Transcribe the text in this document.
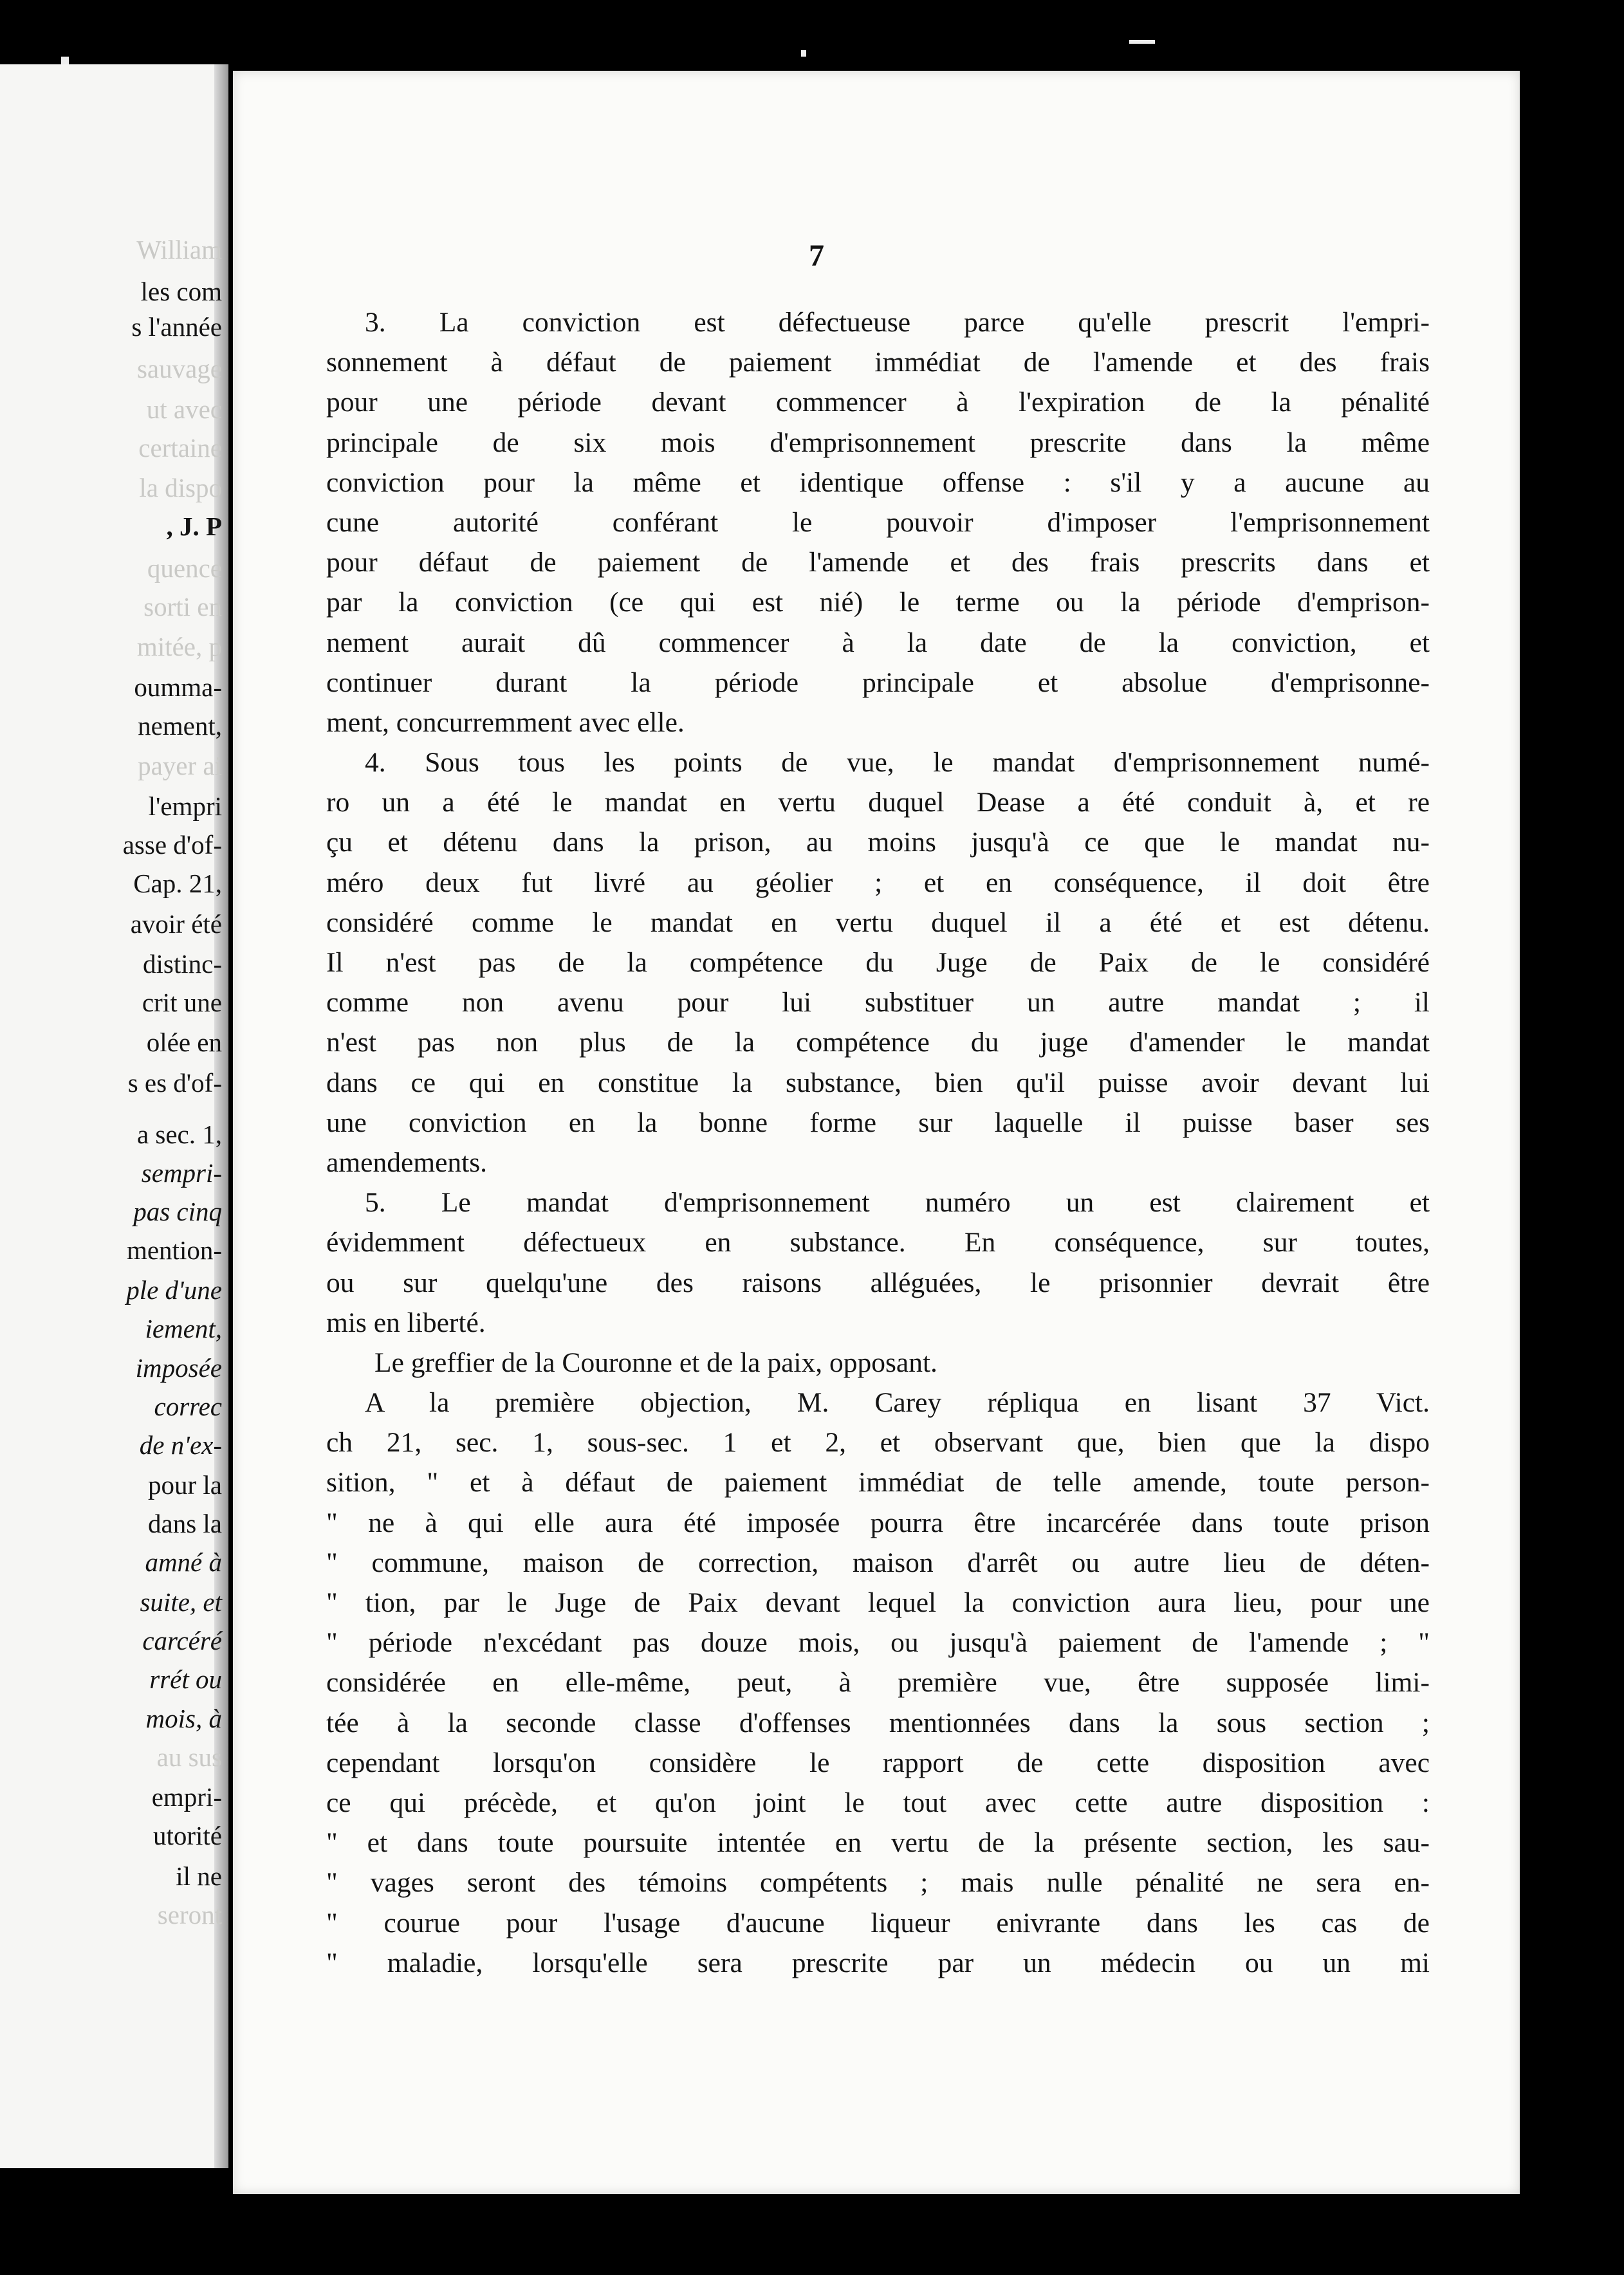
William
les com
s l'année
sauvage
ut avec
certaine
la dispo
, J. P
quence
sorti en
mitée, p
oumma-
nement,
payer ai
l'empri
asse d'of-
Cap. 21,
avoir été
distinc-
crit une
olée en
s es d'of-
a sec. 1,
sempri-
pas cinq
mention-
ple d'une
iement,
imposée
correc
de n'ex-
pour la
dans la
amné à
suite, et
carcéré
rrét ou
mois, à
au sus
empri-
utorité
il ne
seront
7
3. La conviction est défectueuse parce qu'elle prescrit l'empri-
sonnement à défaut de paiement immédiat de l'amende et des frais
pour une période devant commencer à l'expiration de la pénalité
principale de six mois d'emprisonnement prescrite dans la même
conviction pour la même et identique offense : s'il y a aucune au
cune autorité conférant le pouvoir d'imposer l'emprisonnement
pour défaut de paiement de l'amende et des frais prescrits dans et
par la conviction (ce qui est nié) le terme ou la période d'emprison-
nement aurait dû commencer à la date de la conviction, et
continuer durant la période principale et absolue d'emprisonne-
ment, concurremment avec elle.
4. Sous tous les points de vue, le mandat d'emprisonnement numé-
ro un a été le mandat en vertu duquel Dease a été conduit à, et re
çu et détenu dans la prison, au moins jusqu'à ce que le mandat nu-
méro deux fut livré au géolier ; et en conséquence, il doit être
considéré comme le mandat en vertu duquel il a été et est détenu.
Il n'est pas de la compétence du Juge de Paix de le considéré
comme non avenu pour lui substituer un autre mandat ; il
n'est pas non plus de la compétence du juge d'amender le mandat
dans ce qui en constitue la substance, bien qu'il puisse avoir devant lui
une conviction en la bonne forme sur laquelle il puisse baser ses
amendements.
5. Le mandat d'emprisonnement numéro un est clairement et
évidemment défectueux en substance. En conséquence, sur toutes,
ou sur quelqu'une des raisons alléguées, le prisonnier devrait être
mis en liberté.
Le greffier de la Couronne et de la paix, opposant.
A la première objection, M. Carey répliqua en lisant 37 Vict.
ch 21, sec. 1, sous-sec. 1 et 2, et observant que, bien que la dispo
sition, " et à défaut de paiement immédiat de telle amende, toute person-
" ne à qui elle aura été imposée pourra être incarcérée dans toute prison
" commune, maison de correction, maison d'arrêt ou autre lieu de déten-
" tion, par le Juge de Paix devant lequel la conviction aura lieu, pour une
" période n'excédant pas douze mois, ou jusqu'à paiement de l'amende ; "
considérée en elle-même, peut, à première vue, être supposée limi-
tée à la seconde classe d'offenses mentionnées dans la sous section ;
cependant lorsqu'on considère le rapport de cette disposition avec
ce qui précède, et qu'on joint le tout avec cette autre disposition :
" et dans toute poursuite intentée en vertu de la présente section, les sau-
" vages seront des témoins compétents ; mais nulle pénalité ne sera en-
" courue pour l'usage d'aucune liqueur enivrante dans les cas de
" maladie, lorsqu'elle sera prescrite par un médecin ou un mi
